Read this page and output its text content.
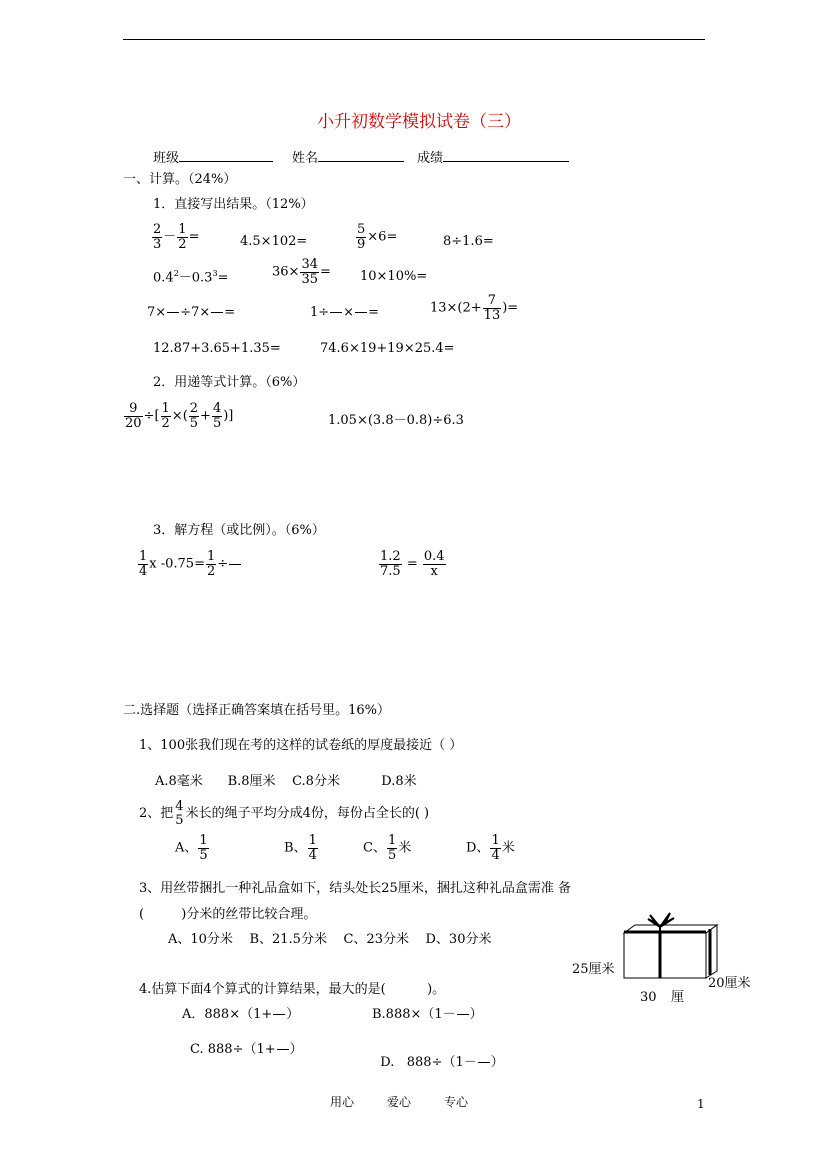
小升初数学模拟试卷（三）
班级	姓名	成绩
一、计算。（24%）
1．直接写出结果。（12%）
$\frac{2}{3} - \frac{1}{2}$ =	4.5×102=	$\frac{5}{9} \times 6=$	8÷1.6=
$0.4^2-0.3^3=$	$36\times \frac{34}{35} = 10\times 10\%=$
7× ÷7× =	1÷ × =	$13\times(2+ \frac{7}{13}$ )=
12.87+3.65+1.35=	74.6×19+19×25.4=
2．用递等式计算。（6%）
$\frac{9}{20}$ ÷[ $\frac{1}{2}$ ×( $\frac{2}{5} + \frac{4}{5}$ )]	1.05×(3.8－0.8)÷6.3
3．解方程（或比例）。（6%）
$\frac{1}{4}$ x $-0.75= \frac{1}{2}$ ÷	$\frac{1.2}{7.5} = \frac{0.4}{x}$
二.选择题（选择正确答案填在括号里。16%）
1、100张我们现在考的这样的试卷纸的厚度最接近（ ）
A.8毫米      B.8厘米    C.8分米          D.8米
2、把 4
5 米长的绳子平均分成4份，每份占全长的( )
A、 $\frac{1}{5}$	B、 $\frac{1}{4}$	C、 $\frac{1}{5}$ 米	D、 $\frac{1}{4}$ 米
3、用丝带捆扎一种礼品盒如下，结头处长25厘米，捆扎这种礼品盒需准 备
(         )分米的丝带比较合理。
A、10分米    B、21.5分米    C、23分米    D、30分米
25厘米
20厘米
30 厘
4.估算下面4个算式的计算结果，最大的是(          )。
A．888×（1+ ）	B.888×（1－ ）
C. 888÷（1+ ）

D.   888÷（1－ ）

用心	爱心	专心	1
